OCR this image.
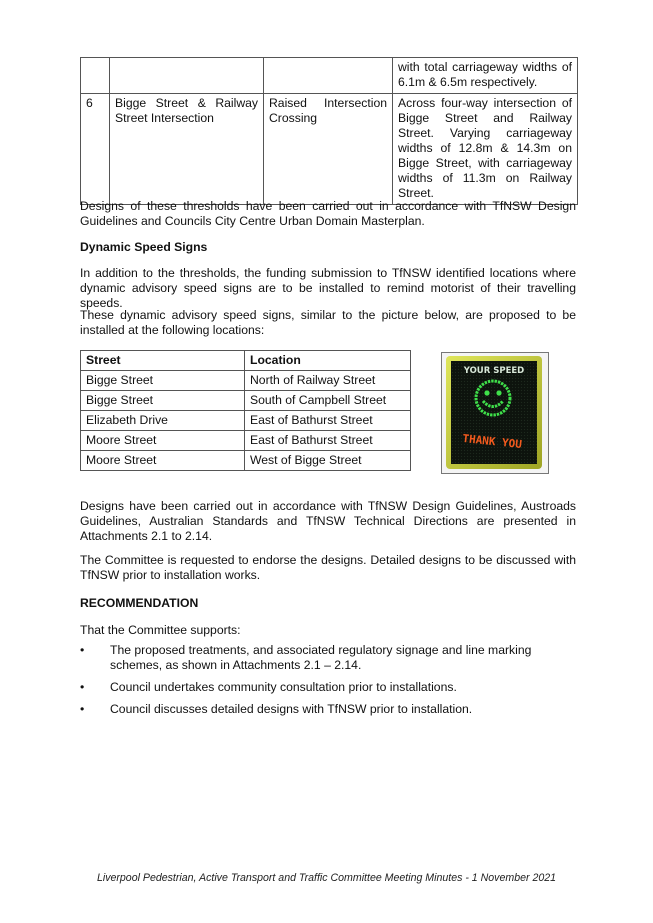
			with total carriageway widths of 6.1m & 6.5m respectively.
6	Bigge Street & Railway Street Intersection	Raised Intersection Crossing	Across four-way intersection of Bigge Street and Railway Street. Varying carriageway widths of 12.8m & 14.3m on Bigge Street, with carriageway widths of 11.3m on Railway Street.

Designs of these thresholds have been carried out in accordance with TfNSW Design Guidelines and Councils City Centre Urban Domain Masterplan.

Dynamic Speed Signs

In addition to the thresholds, the funding submission to TfNSW identified locations where dynamic advisory speed signs are to be installed to remind motorist of their travelling speeds.

These dynamic advisory speed signs, similar to the picture below, are proposed to be installed at the following locations:

Street	Location
Bigge Street	North of Railway Street
Bigge Street	South of Campbell Street
Elizabeth Drive	East of Bathurst Street
Moore Street	East of Bathurst Street
Moore Street	West of Bigge Street
YOUR SPEED
THANK YOU

Designs have been carried out in accordance with TfNSW Design Guidelines, Austroads Guidelines, Australian Standards and TfNSW Technical Directions are presented in Attachments 2.1 to 2.14.

The Committee is requested to endorse the designs. Detailed designs to be discussed with TfNSW prior to installation works.

RECOMMENDATION

That the Committee supports:

• The proposed treatments, and associated regulatory signage and line marking schemes, as shown in Attachments 2.1 – 2.14.
• Council undertakes community consultation prior to installations.
• Council discusses detailed designs with TfNSW prior to installation.
Liverpool Pedestrian, Active Transport and Traffic Committee Meeting Minutes - 1 November 2021
